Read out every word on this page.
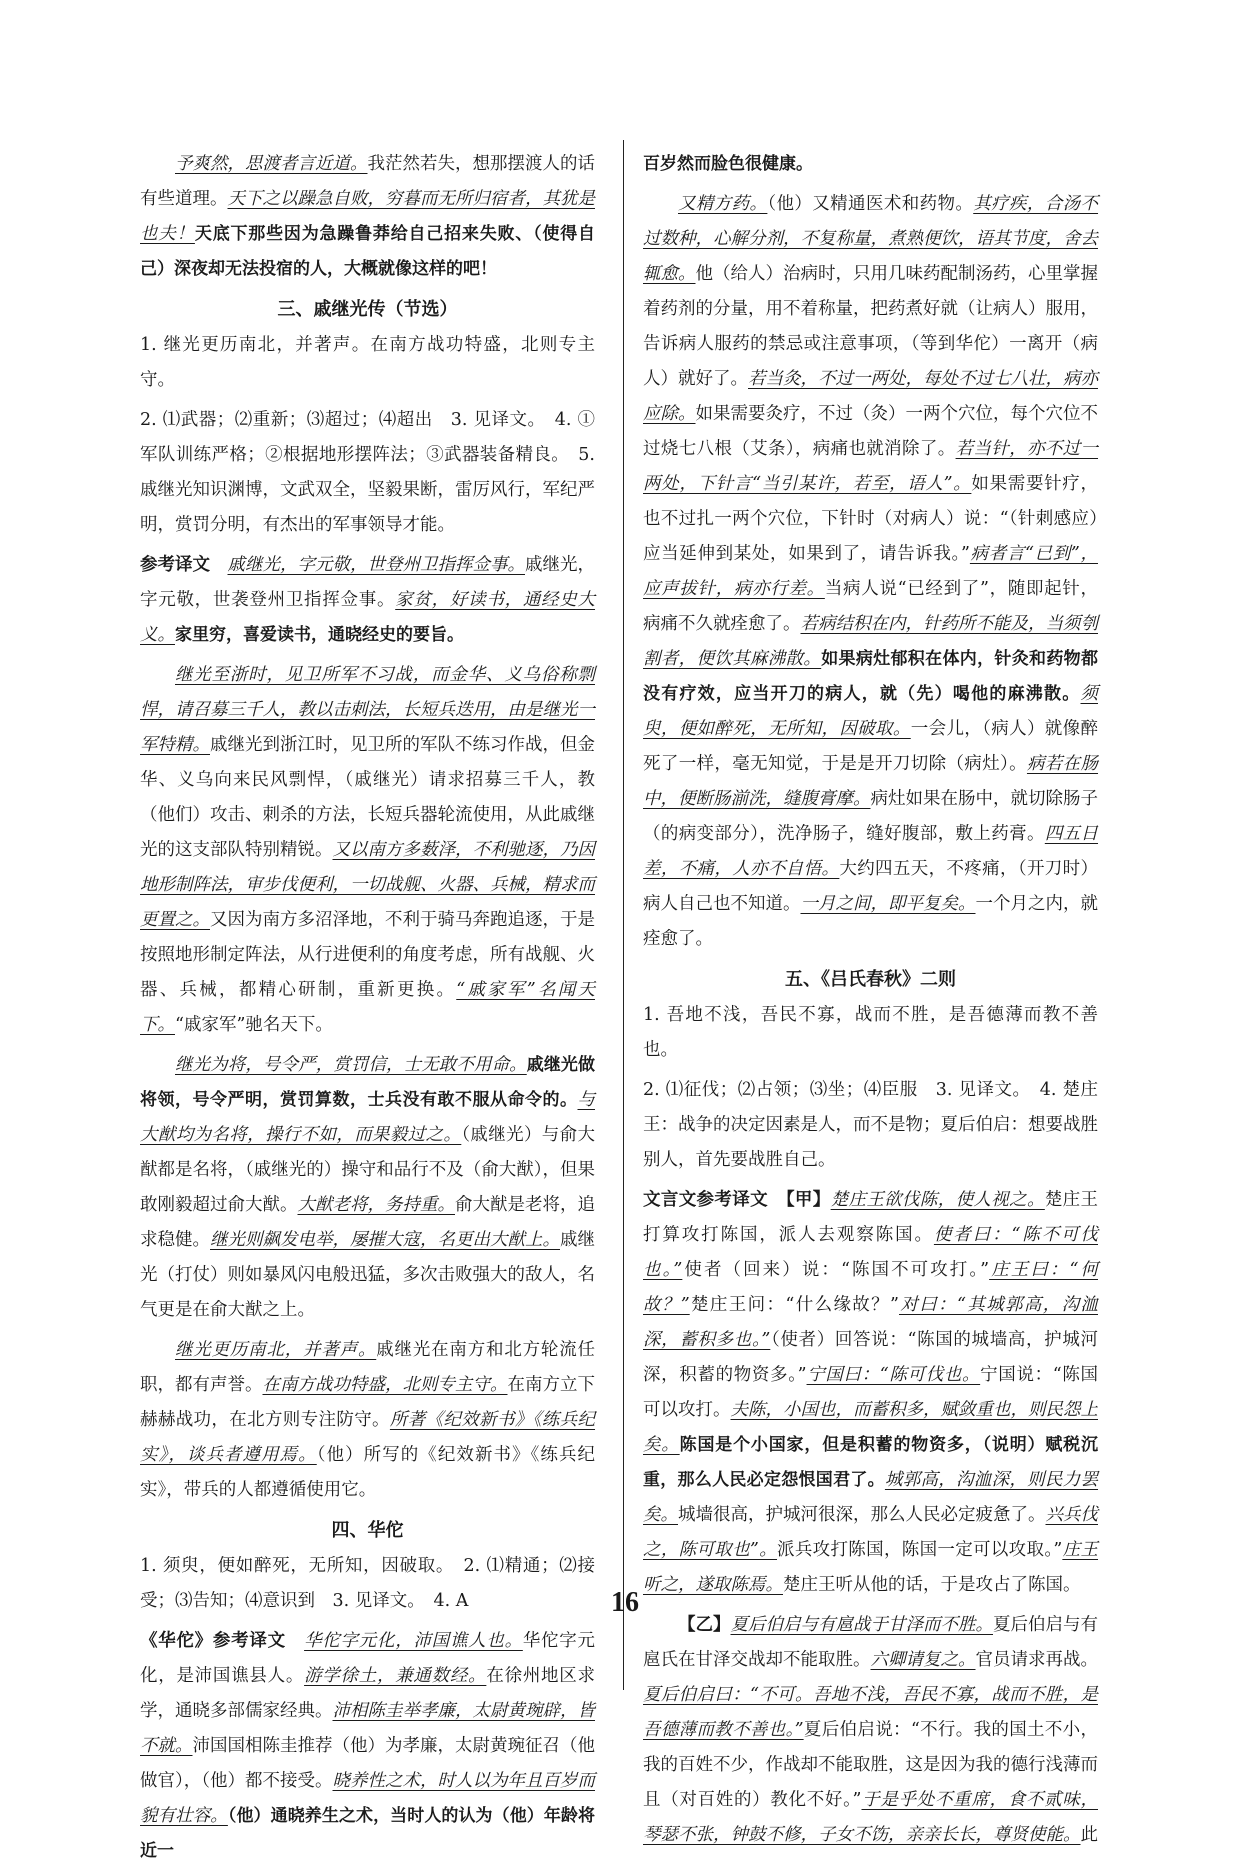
予爽然，思渡者言近道。我茫然若失，想那摆渡人的话有些道理。天下之以躁急自败，穷暮而无所归宿者，其犹是也夫！天底下那些因为急躁鲁莽给自己招来失败、（使得自己）深夜却无法投宿的人，大概就像这样的吧！

三、戚继光传（节选）

1. 继光更历南北，并著声。在南方战功特盛，北则专主守。

2. ⑴武器；⑵重新；⑶超过；⑷超出　3. 见译文。　4. ①军队训练严格；②根据地形摆阵法；③武器装备精良。　5. 戚继光知识渊博，文武双全，坚毅果断，雷厉风行，军纪严明，赏罚分明，有杰出的军事领导才能。

参考译文　 戚继光，字元敬，世登州卫指挥佥事。戚继光，字元敬，世袭登州卫指挥佥事。家贫，好读书，通经史大义。家里穷，喜爱读书，通晓经史的要旨。

继光至浙时，见卫所军不习战，而金华、义乌俗称剽悍，请召募三千人，教以击刺法，长短兵迭用，由是继光一军特精。戚继光到浙江时，见卫所的军队不练习作战，但金华、义乌向来民风剽悍，（戚继光）请求招募三千人，教（他们）攻击、刺杀的方法，长短兵器轮流使用，从此戚继光的这支部队特别精锐。又以南方多薮泽，不利驰逐，乃因地形制阵法，审步伐便利，一切战舰、火器、兵械，精求而更置之。又因为南方多沼泽地，不利于骑马奔跑追逐，于是按照地形制定阵法，从行进便利的角度考虑，所有战舰、火器、兵械，都精心研制，重新更换。“戚家军”名闻天下。“戚家军”驰名天下。

继光为将，号令严，赏罚信，士无敢不用命。戚继光做将领，号令严明，赏罚算数，士兵没有敢不服从命令的。与大猷均为名将，操行不如，而果毅过之。（戚继光）与俞大猷都是名将，（戚继光的）操守和品行不及（俞大猷），但果敢刚毅超过俞大猷。大猷老将，务持重。俞大猷是老将，追求稳健。继光则飙发电举，屡摧大寇，名更出大猷上。戚继光（打仗）则如暴风闪电般迅猛，多次击败强大的敌人，名气更是在俞大猷之上。

继光更历南北，并著声。戚继光在南方和北方轮流任职，都有声誉。在南方战功特盛，北则专主守。在南方立下赫赫战功，在北方则专注防守。所著《纪效新书》《练兵纪实》，谈兵者遵用焉。（他）所写的《纪效新书》《练兵纪实》，带兵的人都遵循使用它。

四、华佗

1. 须臾，便如醉死，无所知，因破取。　2. ⑴精通；⑵接受；⑶告知；⑷意识到　3. 见译文。　4. A

《华佗》参考译文　 华佗字元化，沛国谯人也。华佗字元化，是沛国谯县人。游学徐土，兼通数经。在徐州地区求学，通晓多部儒家经典。沛相陈圭举孝廉，太尉黄琬辟，皆不就。沛国国相陈圭推荐（他）为孝廉，太尉黄琬征召（他做官），（他）都不接受。晓养性之术，时人以为年且百岁而貌有壮容。（他）通晓养生之术，当时人的认为（他）年龄将近一

百岁然而脸色很健康。

又精方药。（他）又精通医术和药物。其疗疾，合汤不过数种，心解分剂，不复称量，煮熟便饮，语其节度，舍去辄愈。他（给人）治病时，只用几味药配制汤药，心里掌握着药剂的分量，用不着称量，把药煮好就（让病人）服用，告诉病人服药的禁忌或注意事项，（等到华佗）一离开（病人）就好了。若当灸，不过一两处，每处不过七八壮，病亦应除。如果需要灸疗，不过（灸）一两个穴位，每个穴位不过烧七八根（艾条），病痛也就消除了。若当针，亦不过一两处，下针言“当引某许，若至，语人”。如果需要针疗，也不过扎一两个穴位，下针时（对病人）说：“（针刺感应）应当延伸到某处，如果到了，请告诉我。”病者言“已到”，应声拔针，病亦行差。当病人说“已经到了”，随即起针，病痛不久就痊愈了。若病结积在内，针药所不能及，当须刳割者，便饮其麻沸散。如果病灶郁积在体内，针灸和药物都没有疗效，应当开刀的病人，就（先）喝他的麻沸散。须臾，便如醉死，无所知，因破取。一会儿，（病人）就像醉死了一样，毫无知觉，于是是开刀切除（病灶）。病若在肠中，便断肠湔洗，缝腹膏摩。病灶如果在肠中，就切除肠子（的病变部分），洗净肠子，缝好腹部，敷上药膏。四五日差，不痛，人亦不自悟。大约四五天，不疼痛，（开刀时）病人自己也不知道。一月之间，即平复矣。一个月之内，就痊愈了。

五、《吕氏春秋》二则

1. 吾地不浅，吾民不寡，战而不胜，是吾德薄而教不善也。

2. ⑴征伐；⑵占领；⑶坐；⑷臣服　3. 见译文。　4. 楚庄王：战争的决定因素是人，而不是物；夏后伯启：想要战胜别人，首先要战胜自己。

文言文参考译文　 【甲】楚庄王欲伐陈，使人视之。楚庄王打算攻打陈国，派人去观察陈国。使者曰：“陈不可伐也。”使者（回来）说：“陈国不可攻打。”庄王曰：“何故？”楚庄王问：“什么缘故？”对曰：“其城郭高，沟洫深，蓄积多也。”（使者）回答说：“陈国的城墙高，护城河深，积蓄的物资多。”宁国曰：“陈可伐也。宁国说：“陈国可以攻打。夫陈，小国也，而蓄积多，赋敛重也，则民怨上矣。陈国是个小国家，但是积蓄的物资多，（说明）赋税沉重，那么人民必定怨恨国君了。城郭高，沟洫深，则民力罢矣。城墙很高，护城河很深，那么人民必定疲惫了。兴兵伐之，陈可取也”。派兵攻打陈国，陈国一定可以攻取。”庄王听之，遂取陈焉。楚庄王听从他的话，于是攻占了陈国。

【乙】夏后伯启与有扈战于甘泽而不胜。夏后伯启与有扈氏在甘泽交战却不能取胜。六卿请复之。官员请求再战。夏后伯启曰：“不可。吾地不浅，吾民不寡，战而不胜，是吾德薄而教不善也。”夏后伯启说：“不行。我的国土不小，我的百姓不少，作战却不能取胜，这是因为我的德行浅薄而且（对百姓的）教化不好。”于是乎处不重席，食不贰味，琴瑟不张，钟鼓不修，子女不饬，亲亲长长，尊贤使能。此

16
